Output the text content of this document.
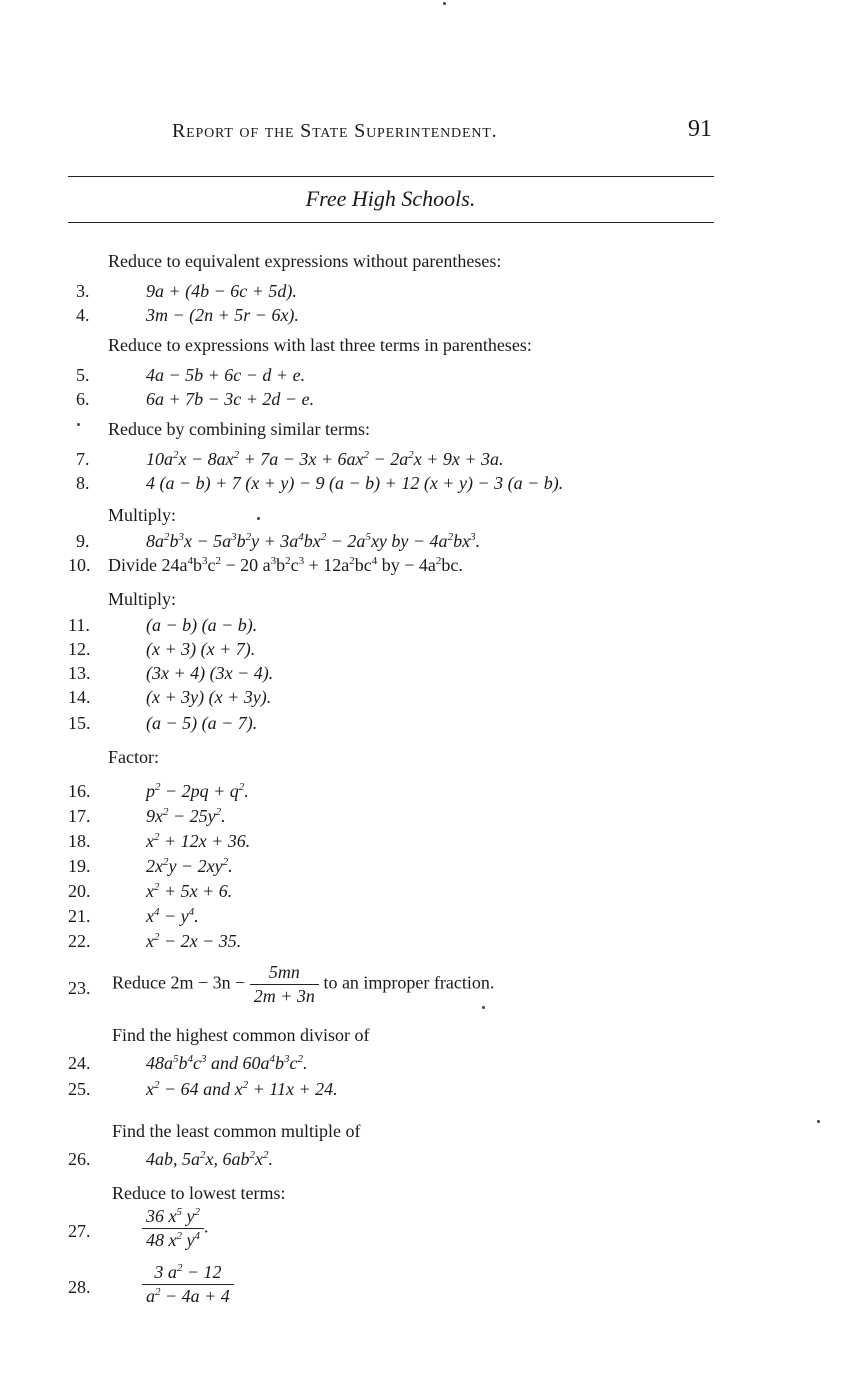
Report of the State Superintendent.	91
Free High Schools.
Reduce to equivalent expressions without parentheses:
3.	9a + (4b − 6c + 5d).
4.	3m − (2n + 5r − 6x).
Reduce to expressions with last three terms in parentheses:
5.	4a − 5b + 6c − d + e.
6.	6a + 7b − 3c + 2d − e.
Reduce by combining similar terms:
7.	$10a^2x - 8ax^2 + 7a - 3x + 6ax^2 - 2a^2x + 9x + 3a$.
8.	4 (a − b) + 7 (x + y) − 9 (a − b) + 12 (x + y) − 3 (a − b).
Multiply:
9.	$8a^2b^3x - 5a^3b^2y + 3a^4bx^2 - 2a^5xy$ by − $4a^2bx^3$.
10. Divide $24a^4b^3c^2 - 20$ $a^3b^2c^3 + 12a^2bc^4$ by − $4a^2bc$.
Multiply:
11.	(a − b) (a − b).
12.	(x + 3) (x + 7).
13.	(3x + 4) (3x − 4).
14.	(x + 3y) (x + 3y).
15.	(a − 5) (a − 7).
Factor:
16.	$p^2 - 2pq + q^2$.
17.	$9x^2 - 25y^2$.
18.	$x^2 + 12x + 36$.
19.	$2x^2y - 2xy^2$.
20.	$x^2 + 5x + 6$.
21.	$x^4 - y^4$.
22.	$x^2 - 2x - 35$.
23. Reduce $2m - 3n - \frac{5mn}{2m + 3n}$ to an improper fraction.
Find the highest common divisor of
24.	$48a^5b^4c^3$ and $60a^4b^3c^2$.
25.	$x^2 - 64$ and $x^2 + 11x + 24$.
Find the least common multiple of
26.	4ab, $5a^2x$, $6ab^2x^2$.
Reduce to lowest terms:
27.	$\frac{36 x^5 y^2}{48 x^2 y^4}$ .
28.	$\frac{3 a^2 - 12}{a^2 - 4a + 4}$
